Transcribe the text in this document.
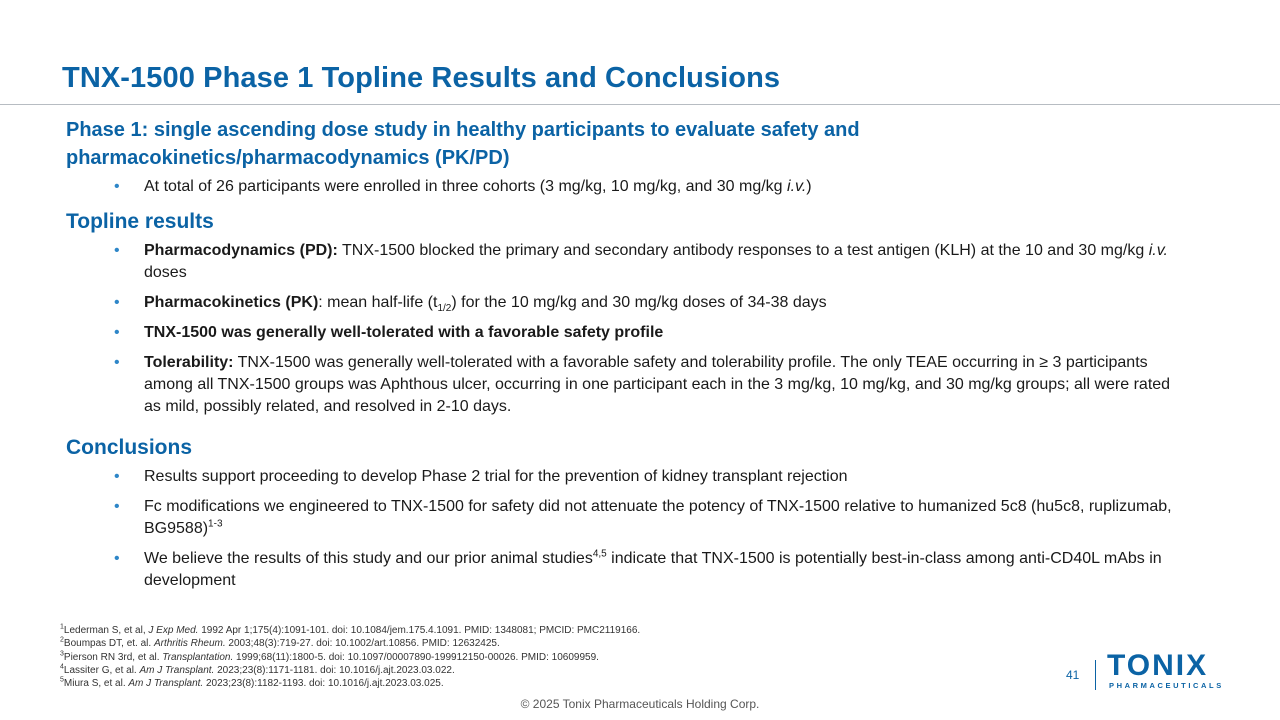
TNX-1500 Phase 1 Topline Results and Conclusions
Phase 1: single ascending dose study in healthy participants to evaluate safety and pharmacokinetics/pharmacodynamics (PK/PD)
• At total of 26 participants were enrolled in three cohorts (3 mg/kg, 10 mg/kg, and 30 mg/kg i.v.)
Topline results
• Pharmacodynamics (PD): TNX-1500 blocked the primary and secondary antibody responses to a test antigen (KLH) at the 10 and 30 mg/kg i.v. doses
• Pharmacokinetics (PK): mean half-life $(t_{1/2})$ for the 10 mg/kg and 30 mg/kg doses of 34-38 days
• TNX-1500 was generally well-tolerated with a favorable safety profile
• Tolerability: TNX-1500 was generally well-tolerated with a favorable safety and tolerability profile. The only TEAE occurring in ≥ 3 participants among all TNX-1500 groups was Aphthous ulcer, occurring in one participant each in the 3 mg/kg, 10 mg/kg, and 30 mg/kg groups; all were rated as mild, possibly related, and resolved in 2-10 days.
Conclusions
• Results support proceeding to develop Phase 2 trial for the prevention of kidney transplant rejection
• Fc modifications we engineered to TNX-1500 for safety did not attenuate the potency of TNX-1500 relative to humanized 5c8 (hu5c8, ruplizumab, BG9588)$^{1-3}$
• We believe the results of this study and our prior animal studies$^{4,5}$ indicate that TNX-1500 is potentially best-in-class among anti-CD40L mAbs in development

$^1$Lederman S, et al, J Exp Med. 1992 Apr 1;175(4):1091-101. doi: 10.1084/jem.175.4.1091. PMID: 1348081; PMCID: PMC2119166.

$^2$Boumpas DT, et. al. Arthritis Rheum. 2003;48(3):719-27. doi: 10.1002/art.10856. PMID: 12632425.

$^3$Pierson RN 3rd, et al. Transplantation. 1999;68(11):1800-5. doi: 10.1097/00007890-199912150-00026. PMID: 10609959.

$^4$Lassiter G, et al. Am J Transplant. 2023;23(8):1171-1181. doi: 10.1016/j.ajt.2023.03.022.

$^5$Miura S, et al. Am J Transplant. 2023;23(8):1182-1193. doi: 10.1016/j.ajt.2023.03.025.

41 TONIX
PHARMACEUTICALS
© 2025 Tonix Pharmaceuticals Holding Corp.
